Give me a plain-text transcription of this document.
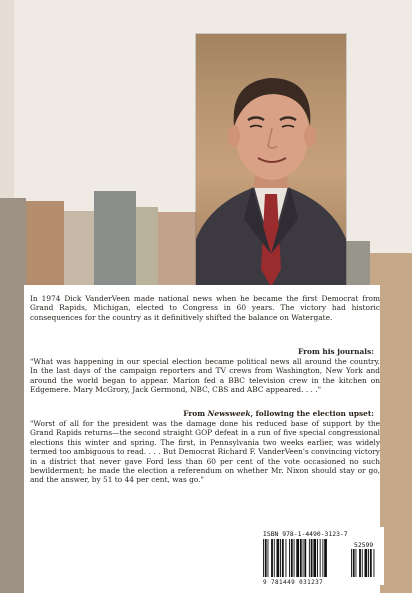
In 1974 Dick VanderVeen made national news when he became the first Democrat from Grand Rapids, Michigan, elected to Congress in 60 years. The victory had historic consequences for the country as it definitively shifted the balance on Watergate.

From his journals:

"What was happening in our special election became political news all around the country. In the last days of the campaign reporters and TV crews from Washington, New York and around the world began to appear. Marion fed a BBC television crew in the kitchen on Edgemere. Mary McGrory, Jack Germond, NBC, CBS and ABC appeared. . . ."

From Newsweek, following the election upset:

"Worst of all for the president was the damage done his reduced base of support by the Grand Rapids returns—the second straight GOP defeat in a run of five special congressional elections this winter and spring. The first, in Pennsylvania two weeks earlier, was widely termed too ambiguous to read. . . . But Democrat Richard F. VanderVeen's convincing victory in a district that never gave Ford less than 60 per cent of the vote occasioned no such bewilderment; he made the election a referendum on whether Mr. Nixon should stay or go, and the answer, by 51 to 44 per cent, was go."

authorHOUSE®	ISBN 978-1-4490-3123-7
52599
9 781449 031237
